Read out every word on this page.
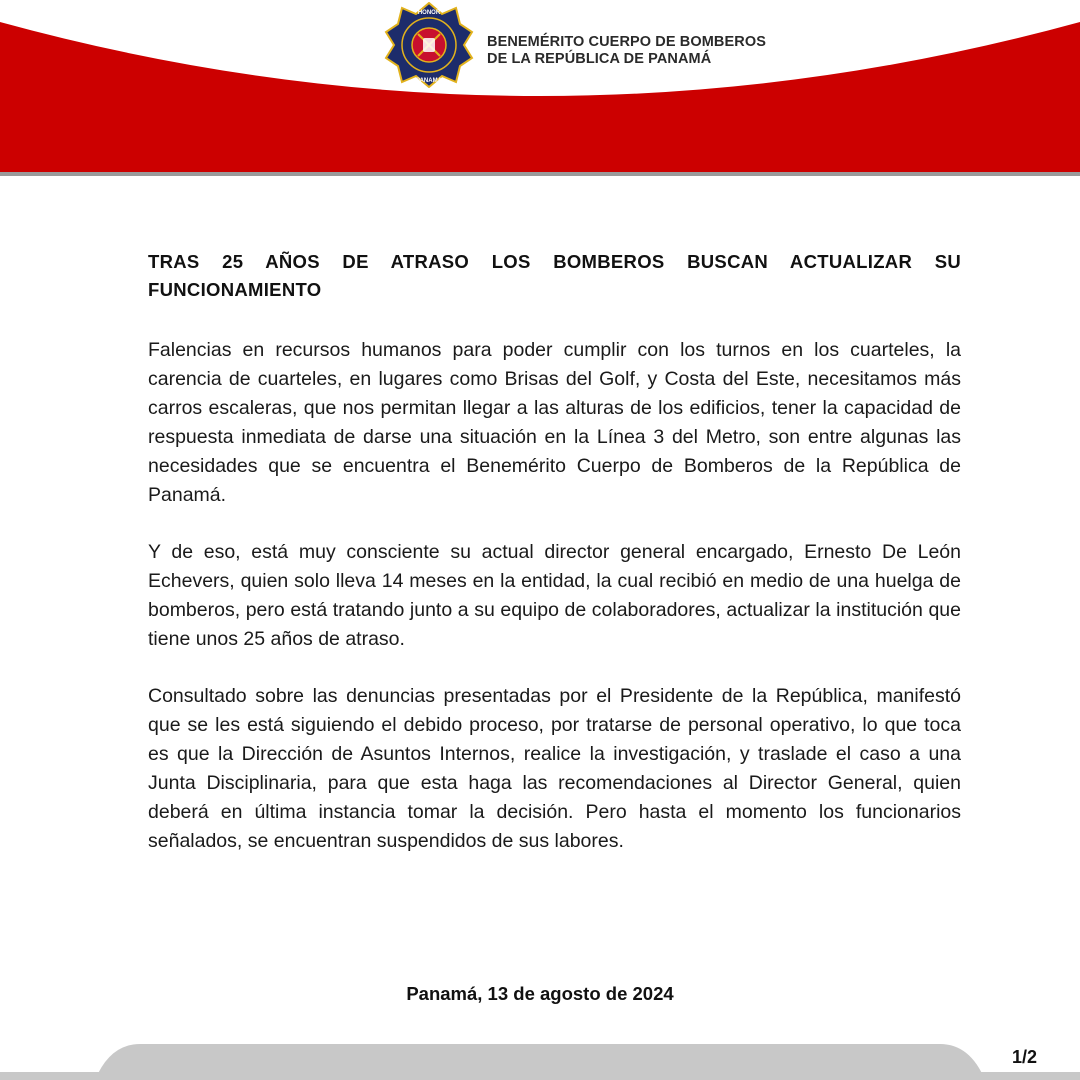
HONOR
PANAMA
BENEMÉRITO CUERPO DE BOMBEROS
DE LA REPÚBLICA DE PANAMÁ
TRAS 25 AÑOS DE ATRASO LOS BOMBEROS BUSCAN ACTUALIZAR SU FUNCIONAMIENTO

Falencias en recursos humanos para poder cumplir con los turnos en los cuarteles, la carencia de cuarteles, en lugares como Brisas del Golf, y Costa del Este, necesitamos más carros escaleras, que nos permitan llegar a las alturas de los edificios, tener la capacidad de respuesta inmediata de darse una situación en la Línea 3 del Metro, son entre algunas las necesidades que se encuentra el Benemérito Cuerpo de Bomberos de la República de Panamá.

Y de eso, está muy consciente su actual director general encargado, Ernesto De León Echevers, quien solo lleva 14 meses en la entidad, la cual recibió en medio de una huelga de bomberos, pero está tratando junto a su equipo de colaboradores, actualizar la institución que tiene unos 25 años de atraso.

Consultado sobre las denuncias presentadas por el Presidente de la República, manifestó que se les está siguiendo el debido proceso, por tratarse de personal operativo, lo que toca es que la Dirección de Asuntos Internos, realice la investigación, y traslade el caso a una Junta Disciplinaria, para que esta haga las recomendaciones al Director General, quien deberá en última instancia tomar la decisión. Pero hasta el momento los funcionarios señalados, se encuentran suspendidos de sus labores.

Panamá, 13 de agosto de 2024
1/2
